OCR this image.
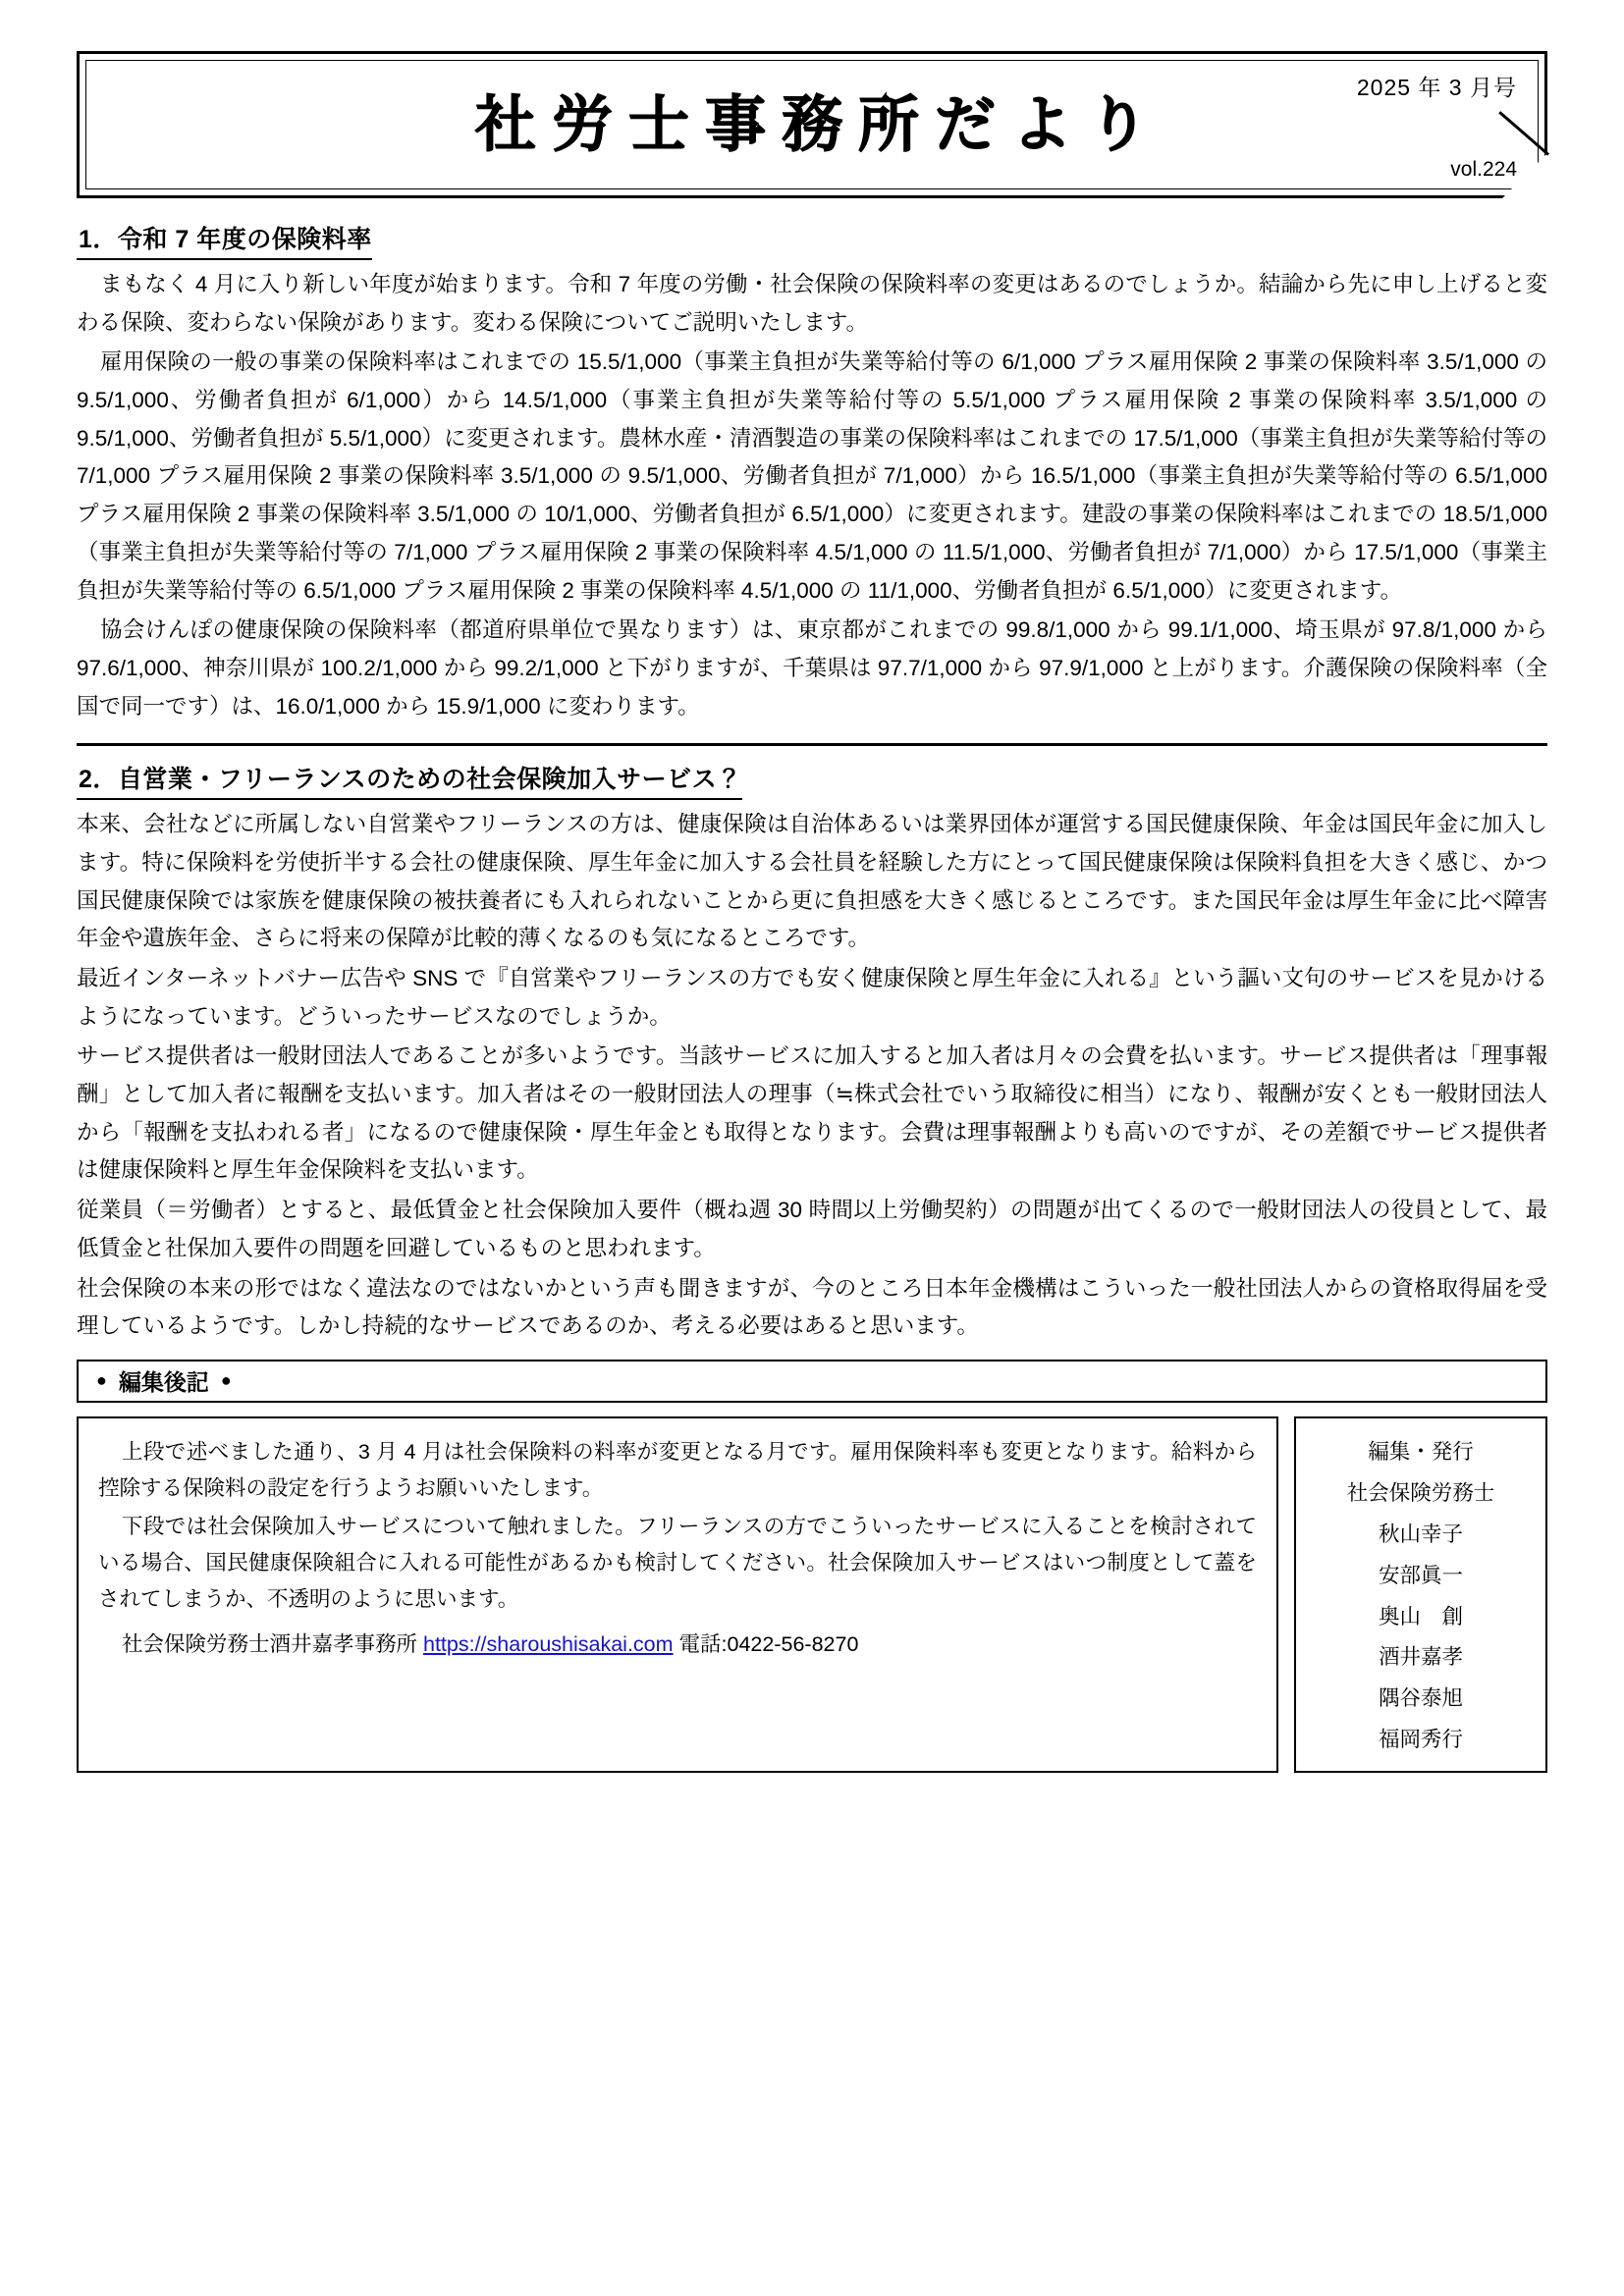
社労士事務所だより
2025 年 3 月号
vol.224
1．令和 7 年度の保険料率

まもなく 4 月に入り新しい年度が始まります。令和 7 年度の労働・社会保険の保険料率の変更はあるのでしょうか。結論から先に申し上げると変わる保険、変わらない保険があります。変わる保険についてご説明いたします。

雇用保険の一般の事業の保険料率はこれまでの 15.5/1,000（事業主負担が失業等給付等の 6/1,000 プラス雇用保険 2 事業の保険料率 3.5/1,000 の 9.5/1,000、労働者負担が 6/1,000）から 14.5/1,000（事業主負担が失業等給付等の 5.5/1,000 プラス雇用保険 2 事業の保険料率 3.5/1,000 の 9.5/1,000、労働者負担が 5.5/1,000）に変更されます。農林水産・清酒製造の事業の保険料率はこれまでの 17.5/1,000（事業主負担が失業等給付等の 7/1,000 プラス雇用保険 2 事業の保険料率 3.5/1,000 の 9.5/1,000、労働者負担が 7/1,000）から 16.5/1,000（事業主負担が失業等給付等の 6.5/1,000 プラス雇用保険 2 事業の保険料率 3.5/1,000 の 10/1,000、労働者負担が 6.5/1,000）に変更されます。建設の事業の保険料率はこれまでの 18.5/1,000（事業主負担が失業等給付等の 7/1,000 プラス雇用保険 2 事業の保険料率 4.5/1,000 の 11.5/1,000、労働者負担が 7/1,000）から 17.5/1,000（事業主負担が失業等給付等の 6.5/1,000 プラス雇用保険 2 事業の保険料率 4.5/1,000 の 11/1,000、労働者負担が 6.5/1,000）に変更されます。

協会けんぽの健康保険の保険料率（都道府県単位で異なります）は、東京都がこれまでの 99.8/1,000 から 99.1/1,000、埼玉県が 97.8/1,000 から 97.6/1,000、神奈川県が 100.2/1,000 から 99.2/1,000 と下がりますが、千葉県は 97.7/1,000 から 97.9/1,000 と上がります。介護保険の保険料率（全国で同一です）は、16.0/1,000 から 15.9/1,000 に変わります。

2．自営業・フリーランスのための社会保険加入サービス？

本来、会社などに所属しない自営業やフリーランスの方は、健康保険は自治体あるいは業界団体が運営する国民健康保険、年金は国民年金に加入します。特に保険料を労使折半する会社の健康保険、厚生年金に加入する会社員を経験した方にとって国民健康保険は保険料負担を大きく感じ、かつ国民健康保険では家族を健康保険の被扶養者にも入れられないことから更に負担感を大きく感じるところです。また国民年金は厚生年金に比べ障害年金や遺族年金、さらに将来の保障が比較的薄くなるのも気になるところです。

最近インターネットバナー広告や SNS で『自営業やフリーランスの方でも安く健康保険と厚生年金に入れる』という謳い文句のサービスを見かけるようになっています。どういったサービスなのでしょうか。

サービス提供者は一般財団法人であることが多いようです。当該サービスに加入すると加入者は月々の会費を払います。サービス提供者は「理事報酬」として加入者に報酬を支払います。加入者はその一般財団法人の理事（≒株式会社でいう取締役に相当）になり、報酬が安くとも一般財団法人から「報酬を支払われる者」になるので健康保険・厚生年金とも取得となります。会費は理事報酬よりも高いのですが、その差額でサービス提供者は健康保険料と厚生年金保険料を支払います。

従業員（＝労働者）とすると、最低賃金と社会保険加入要件（概ね週 30 時間以上労働契約）の問題が出てくるので一般財団法人の役員として、最低賃金と社保加入要件の問題を回避しているものと思われます。

社会保険の本来の形ではなく違法なのではないかという声も聞きますが、今のところ日本年金機構はこういった一般社団法人からの資格取得届を受理しているようです。しかし持続的なサービスであるのか、考える必要はあると思います。

● 編集後記 ●

上段で述べました通り、3 月 4 月は社会保険料の料率が変更となる月です。雇用保険料率も変更となります。給料から控除する保険料の設定を行うようお願いいたします。

下段では社会保険加入サービスについて触れました。フリーランスの方でこういったサービスに入ることを検討されている場合、国民健康保険組合に入れる可能性があるかも検討してください。社会保険加入サービスはいつ制度として蓋をされてしまうか、不透明のように思います。

社会保険労務士酒井嘉孝事務所 https://sharoushisakai.com 電話:0422-56-8270
編集・発行
社会保険労務士
秋山幸子
安部眞一
奥山　創
酒井嘉孝
隅谷泰旭
福岡秀行
